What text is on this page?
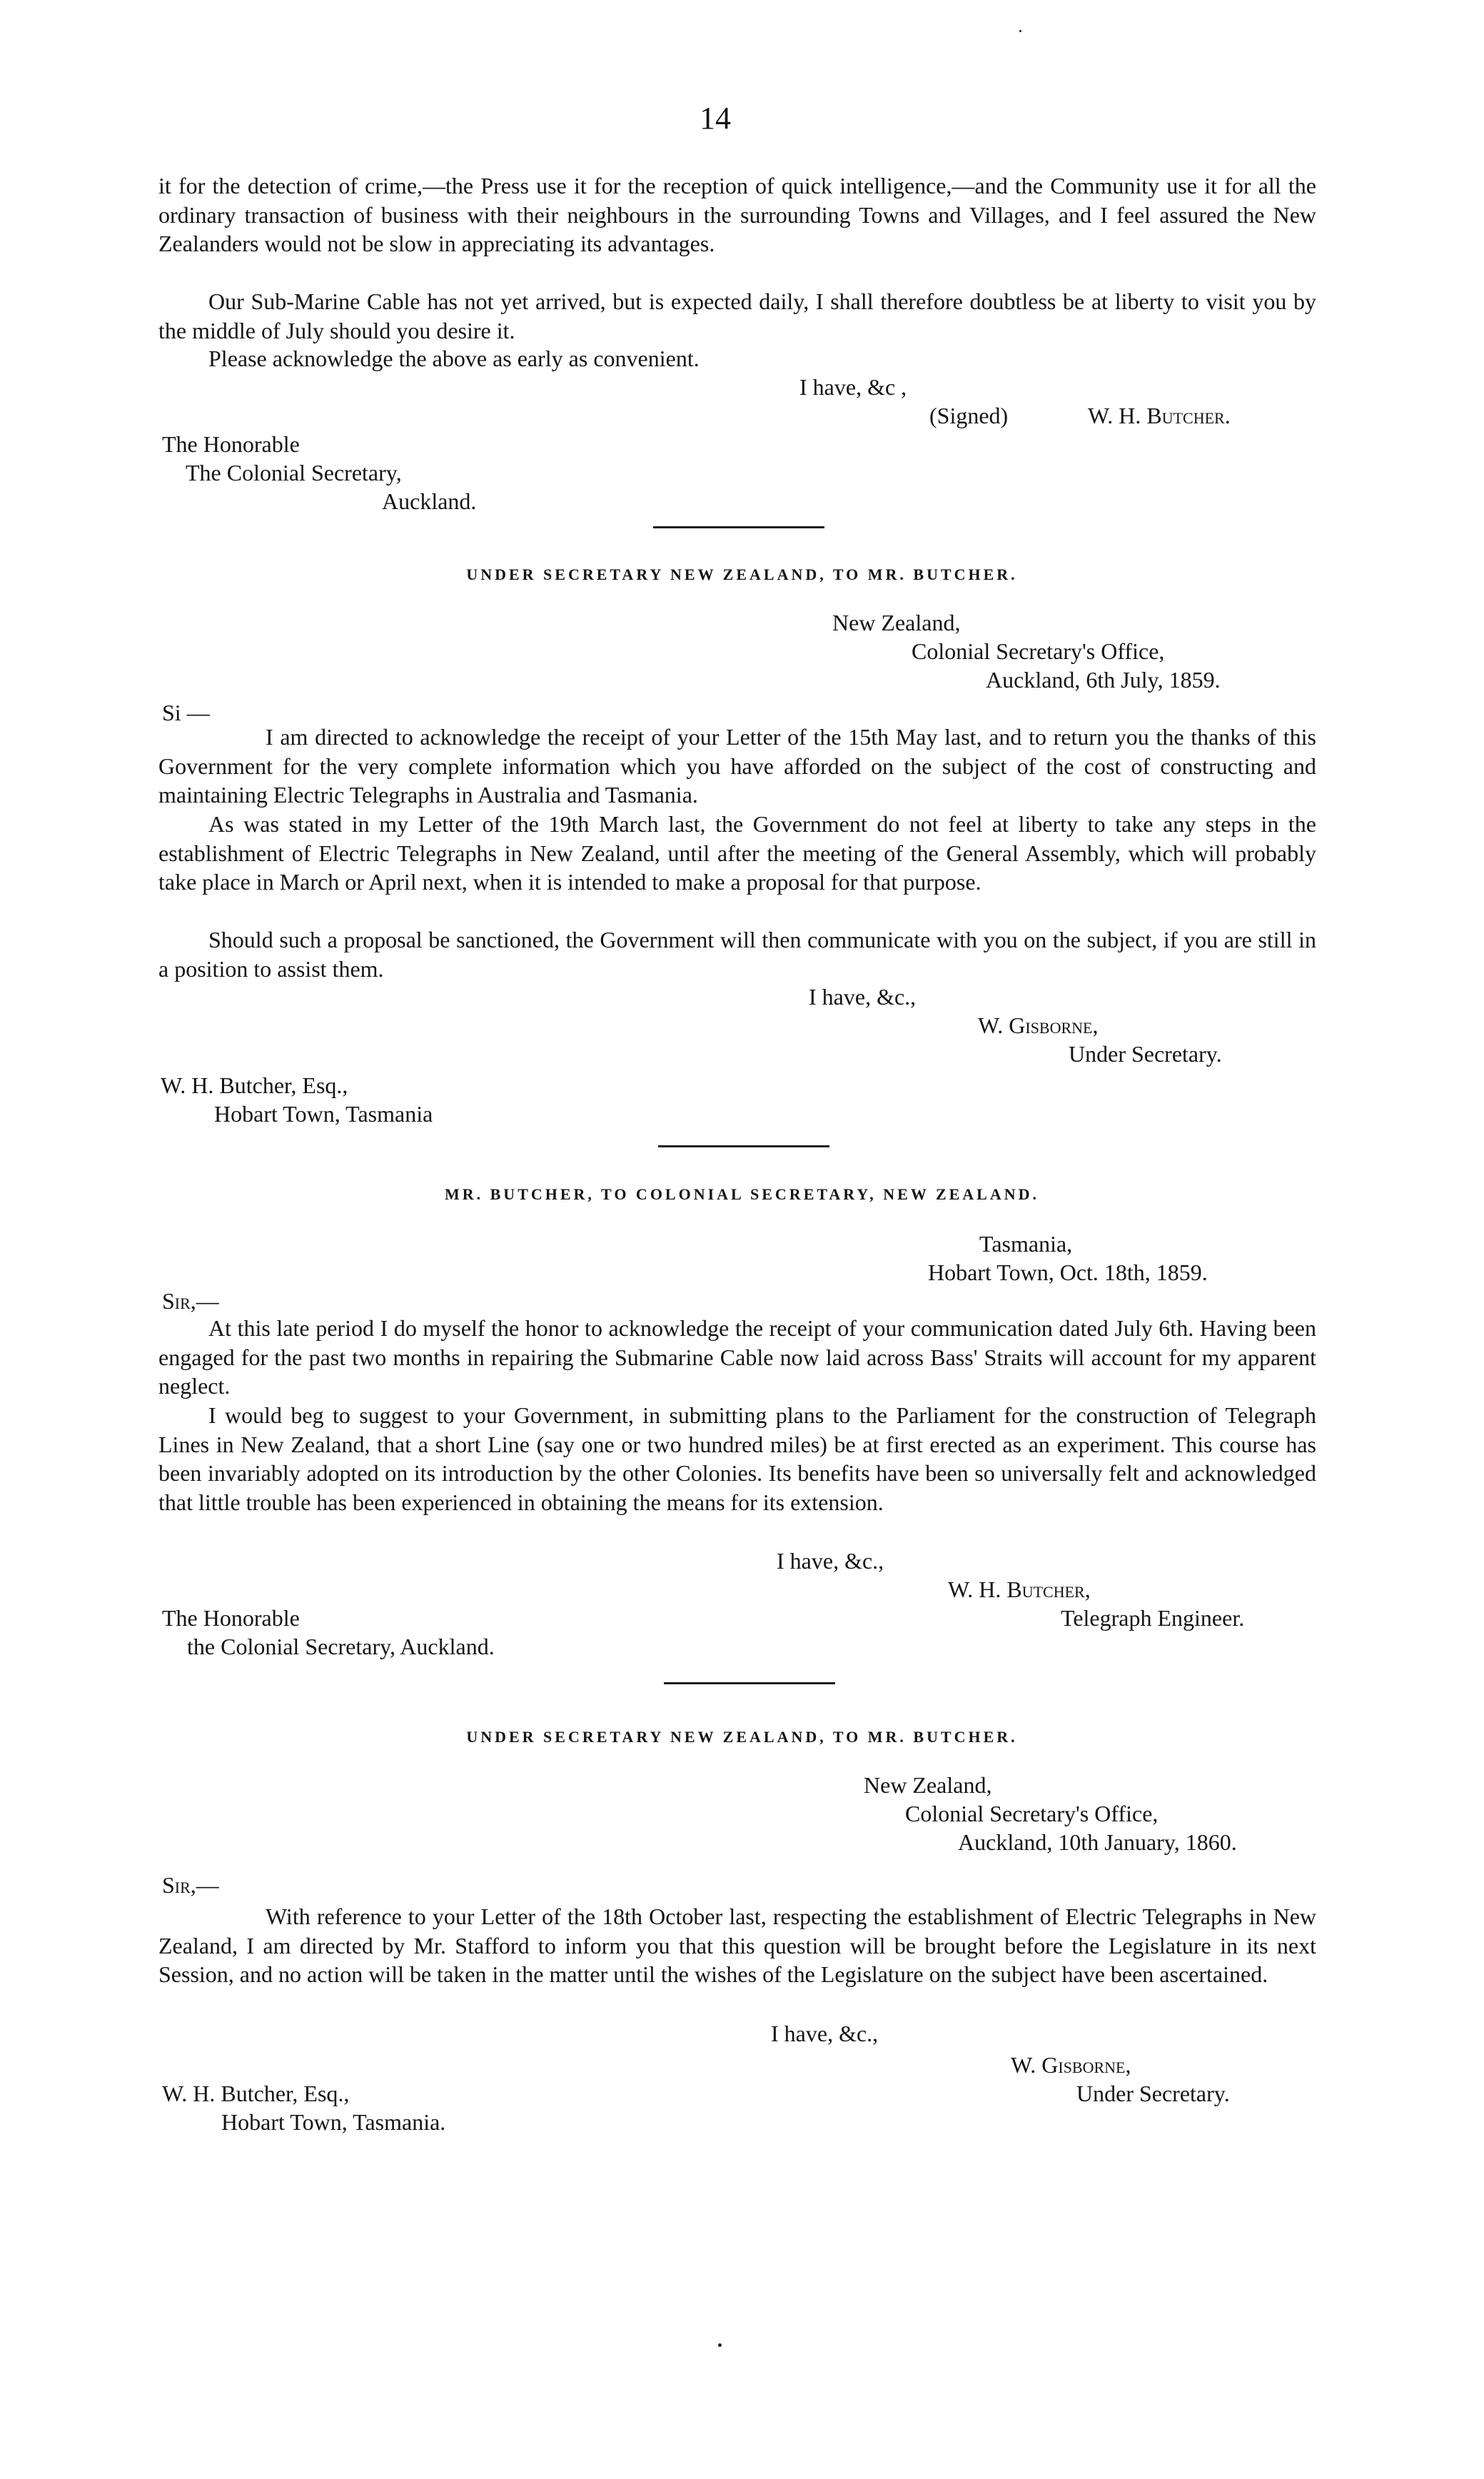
14
it for the detection of crime,—the Press use it for the reception of quick intelligence,—and the Community use it for all the ordinary transaction of business with their neighbours in the surrounding Towns and Villages, and I feel assured the New Zealanders would not be slow in appreciating its advantages.
Our Sub-Marine Cable has not yet arrived, but is expected daily, I shall therefore doubtless be at liberty to visit you by the middle of July should you desire it.
Please acknowledge the above as early as convenient.
I have, &c ,
(Signed)	W. H. Butcher.
The Honorable
The Colonial Secretary,
Auckland.
UNDER SECRETARY NEW ZEALAND, TO MR. BUTCHER.
New Zealand,
Colonial Secretary's Office,
Auckland, 6th July, 1859.
Si —
I am directed to acknowledge the receipt of your Letter of the 15th May last, and to return you the thanks of this Government for the very complete information which you have afforded on the subject of the cost of constructing and maintaining Electric Telegraphs in Australia and Tasmania.
As was stated in my Letter of the 19th March last, the Government do not feel at liberty to take any steps in the establishment of Electric Telegraphs in New Zealand, until after the meeting of the General Assembly, which will probably take place in March or April next, when it is intended to make a proposal for that purpose.
Should such a proposal be sanctioned, the Government will then communicate with you on the subject, if you are still in a position to assist them.
I have, &c.,
W. Gisborne,
Under Secretary.
W. H. Butcher, Esq.,
Hobart Town, Tasmania
MR. BUTCHER, TO COLONIAL SECRETARY, NEW ZEALAND.
Tasmania,
Hobart Town, Oct. 18th, 1859.
Sir,—
At this late period I do myself the honor to acknowledge the receipt of your communication dated July 6th. Having been engaged for the past two months in repairing the Submarine Cable now laid across Bass' Straits will account for my apparent neglect.
I would beg to suggest to your Government, in submitting plans to the Parliament for the construction of Telegraph Lines in New Zealand, that a short Line (say one or two hundred miles) be at first erected as an experiment. This course has been invariably adopted on its introduction by the other Colonies. Its benefits have been so universally felt and acknowledged that little trouble has been experienced in obtaining the means for its extension.
I have, &c.,
W. H. Butcher,
The Honorable	Telegraph Engineer.
the Colonial Secretary, Auckland.
UNDER SECRETARY NEW ZEALAND, TO MR. BUTCHER.
New Zealand,
Colonial Secretary's Office,
Auckland, 10th January, 1860.
Sir,—
With reference to your Letter of the 18th October last, respecting the establishment of Electric Telegraphs in New Zealand, I am directed by Mr. Stafford to inform you that this question will be brought before the Legislature in its next Session, and no action will be taken in the matter until the wishes of the Legislature on the subject have been ascertained.
I have, &c.,
W. Gisborne,
W. H. Butcher, Esq.,	Under Secretary.
Hobart Town, Tasmania.
